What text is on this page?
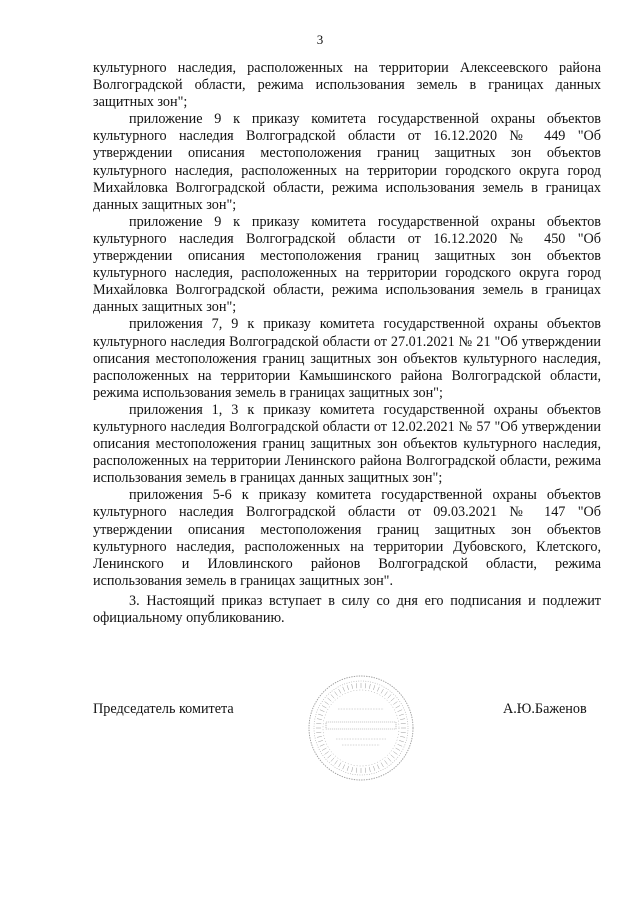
3

культурного наследия, расположенных на территории Алексеевского района Волгоградской области, режима использования земель в границах данных защитных зон";

приложение 9 к приказу комитета государственной охраны объектов культурного наследия Волгоградской области от 16.12.2020 № 449 "Об утверждении описания местоположения границ защитных зон объектов культурного наследия, расположенных на территории городского округа город Михайловка Волгоградской области, режима использования земель в границах данных защитных зон";

приложение 9 к приказу комитета государственной охраны объектов культурного наследия Волгоградской области от 16.12.2020 № 450 "Об утверждении описания местоположения границ защитных зон объектов культурного наследия, расположенных на территории городского округа город Михайловка Волгоградской области, режима использования земель в границах данных защитных зон";

приложения 7, 9 к приказу комитета государственной охраны объектов культурного наследия Волгоградской области от 27.01.2021 № 21 "Об утверждении описания местоположения границ защитных зон объектов культурного наследия, расположенных на территории Камышинского района Волгоградской области, режима использования земель в границах защитных зон";

приложения 1, 3 к приказу комитета государственной охраны объектов культурного наследия Волгоградской области от 12.02.2021 № 57 "Об утверждении описания местоположения границ защитных зон объектов культурного наследия, расположенных на территории Ленинского района Волгоградской области, режима использования земель в границах данных защитных зон";

приложения 5-6 к приказу комитета государственной охраны объектов культурного наследия Волгоградской области от 09.03.2021 № 147 "Об утверждении описания местоположения границ защитных зон объектов культурного наследия, расположенных на территории Дубовского, Клетского, Ленинского и Иловлинского районов Волгоградской области, режима использования земель в границах защитных зон".

3. Настоящий приказ вступает в силу со дня его подписания и подлежит официальному опубликованию.

Председатель комитета	А.Ю.Баженов
